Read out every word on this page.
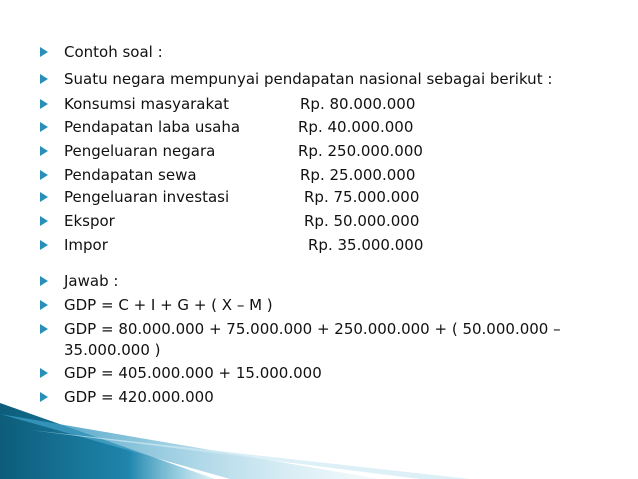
Contoh soal :
Suatu negara mempunyai pendapatan nasional sebagai berikut :
Konsumsi masyarakat	Rp. 80.000.000
Pendapatan laba usaha	Rp. 40.000.000
Pengeluaran negara	Rp. 250.000.000
Pendapatan sewa	Rp. 25.000.000
Pengeluaran investasi	Rp. 75.000.000
Ekspor	Rp. 50.000.000
Impor	Rp. 35.000.000
Jawab :
GDP = C + I + G + ( X – M )
GDP = 80.000.000 + 75.000.000 + 250.000.000 + ( 50.000.000 –
35.000.000 )
GDP = 405.000.000 + 15.000.000
GDP = 420.000.000
